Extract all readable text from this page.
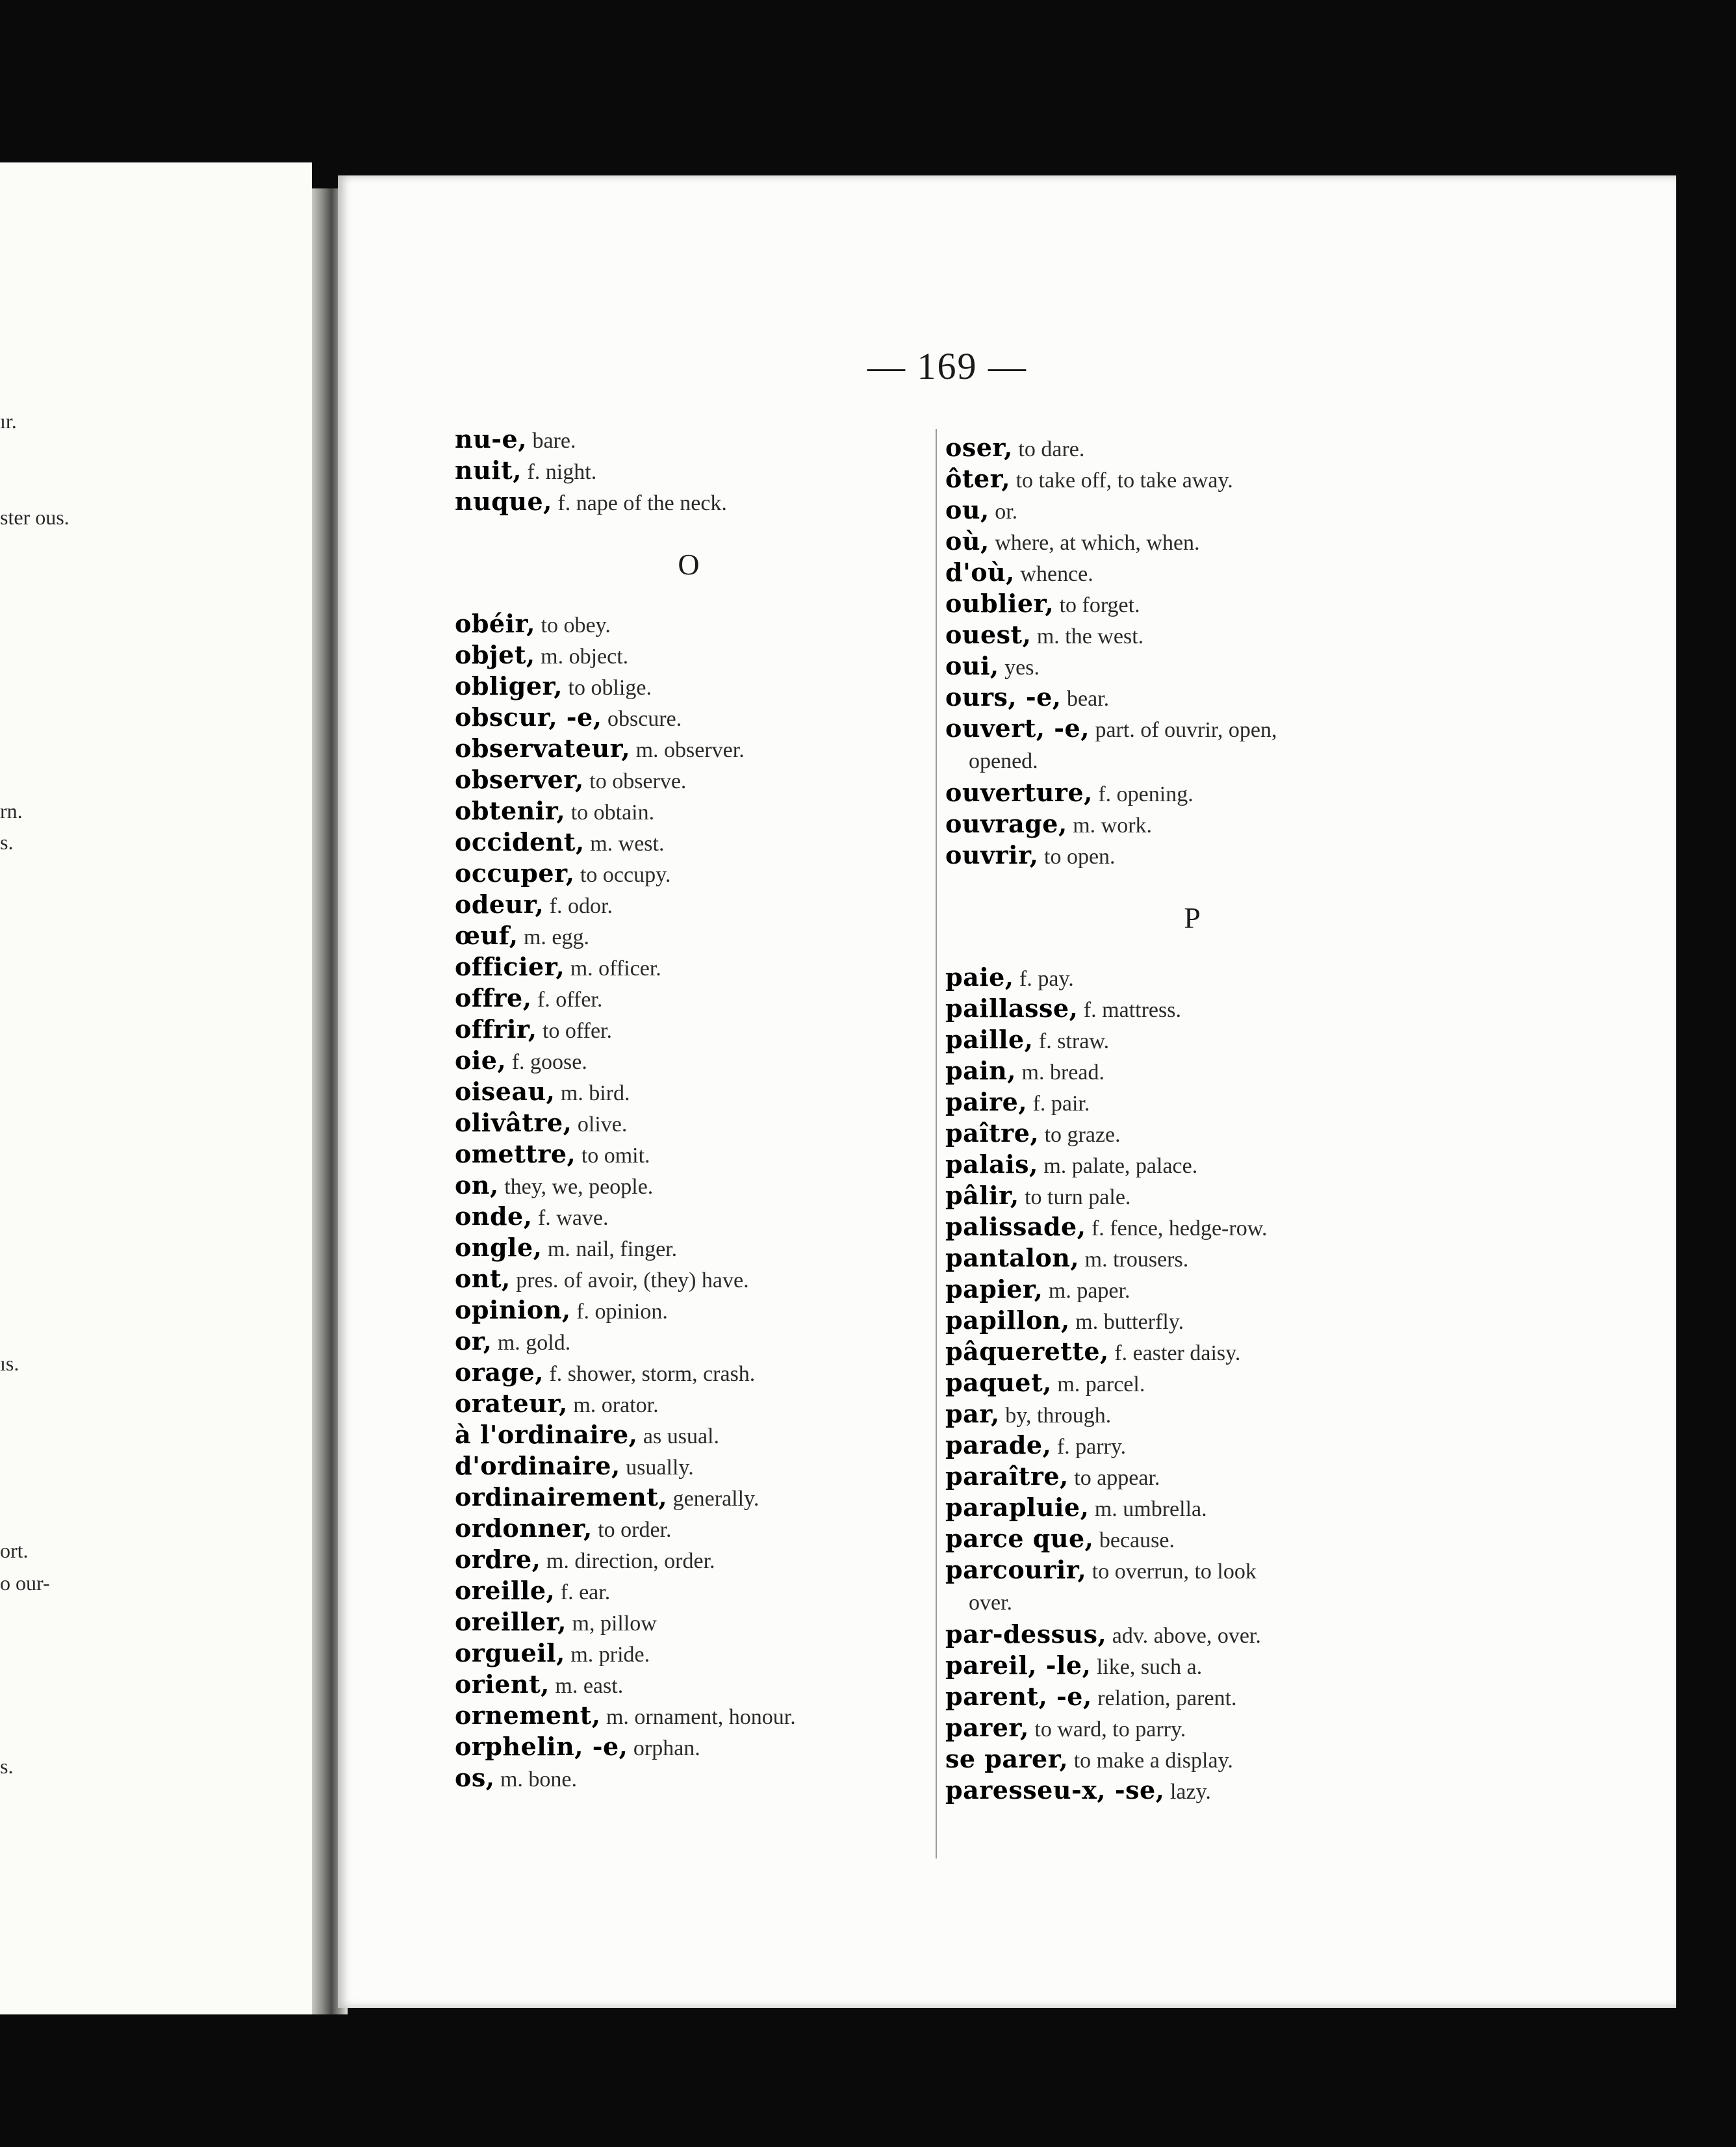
ır.
ster ous.
rn.
s.
ıs.
ort.
o our-
s.
— 169 —
nu-e, bare.
nuit, f. night.
nuque, f. nape of the neck.
O
obéir, to obey.
objet, m. object.
obliger, to oblige.
obscur, -e, obscure.
observateur, m. observer.
observer, to observe.
obtenir, to obtain.
occident, m. west.
occuper, to occupy.
odeur, f. odor.
œuf, m. egg.
officier, m. officer.
offre, f. offer.
offrir, to offer.
oie, f. goose.
oiseau, m. bird.
olivâtre, olive.
omettre, to omit.
on, they, we, people.
onde, f. wave.
ongle, m. nail, finger.
ont, pres. of avoir, (they) have.
opinion, f. opinion.
or, m. gold.
orage, f. shower, storm, crash.
orateur, m. orator.
à l'ordinaire, as usual.
d'ordinaire, usually.
ordinairement, generally.
ordonner, to order.
ordre, m. direction, order.
oreille, f. ear.
oreiller, m, pillow
orgueil, m. pride.
orient, m. east.
ornement, m. ornament, honour.
orphelin, -e, orphan.
os, m. bone.
oser, to dare.
ôter, to take off, to take away.
ou, or.
où, where, at which, when.
d'où, whence.
oublier, to forget.
ouest, m. the west.
oui, yes.
ours, -e, bear.
ouvert, -e, part. of ouvrir, open,
opened.
ouverture, f. opening.
ouvrage, m. work.
ouvrir, to open.
P
paie, f. pay.
paillasse, f. mattress.
paille, f. straw.
pain, m. bread.
paire, f. pair.
paître, to graze.
palais, m. palate, palace.
pâlir, to turn pale.
palissade, f. fence, hedge-row.
pantalon, m. trousers.
papier, m. paper.
papillon, m. butterfly.
pâquerette, f. easter daisy.
paquet, m. parcel.
par, by, through.
parade, f. parry.
paraître, to appear.
parapluie, m. umbrella.
parce que, because.
parcourir, to overrun, to look
over.
par-dessus, adv. above, over.
pareil, -le, like, such a.
parent, -e, relation, parent.
parer, to ward, to parry.
se parer, to make a display.
paresseu-x, -se, lazy.
